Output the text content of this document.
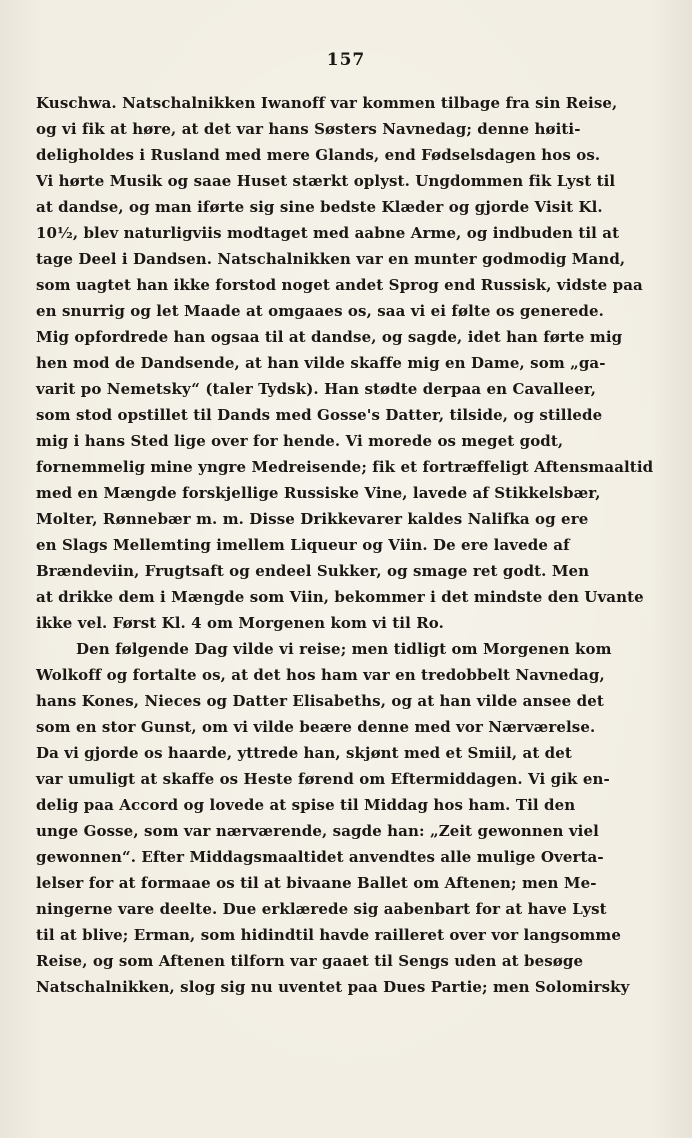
157
Kuschwa. Natschalnikken Iwanoff var kommen tilbage fra sin Reise,
og vi fik at høre, at det var hans Søsters Navnedag; denne høiti-
deligholdes i Rusland med mere Glands, end Fødselsdagen hos os.
Vi hørte Musik og saae Huset stærkt oplyst. Ungdommen fik Lyst til
at dandse, og man iførte sig sine bedste Klæder og gjorde Visit Kl.
10½, blev naturligviis modtaget med aabne Arme, og indbuden til at
tage Deel i Dandsen. Natschalnikken var en munter godmodig Mand,
som uagtet han ikke forstod noget andet Sprog end Russisk, vidste paa
en snurrig og let Maade at omgaaes os, saa vi ei følte os generede.
Mig opfordrede han ogsaa til at dandse, og sagde, idet han førte mig
hen mod de Dandsende, at han vilde skaffe mig en Dame, som „ga-
varit po Nemetsky“ (taler Tydsk). Han stødte derpaa en Cavalleer,
som stod opstillet til Dands med Gosse's Datter, tilside, og stillede
mig i hans Sted lige over for hende. Vi morede os meget godt,
fornemmelig mine yngre Medreisende; fik et fortræffeligt Aftensmaaltid
med en Mængde forskjellige Russiske Vine, lavede af Stikkelsbær,
Molter, Rønnebær m. m. Disse Drikkevarer kaldes Nalifka og ere
en Slags Mellemting imellem Liqueur og Viin. De ere lavede af
Brændeviin, Frugtsaft og endeel Sukker, og smage ret godt. Men
at drikke dem i Mængde som Viin, bekommer i det mindste den Uvante
ikke vel. Først Kl. 4 om Morgenen kom vi til Ro.
Den følgende Dag vilde vi reise; men tidligt om Morgenen kom
Wolkoff og fortalte os, at det hos ham var en tredobbelt Navnedag,
hans Kones, Nieces og Datter Elisabeths, og at han vilde ansee det
som en stor Gunst, om vi vilde beære denne med vor Nærværelse.
Da vi gjorde os haarde, yttrede han, skjønt med et Smiil, at det
var umuligt at skaffe os Heste førend om Eftermiddagen. Vi gik en-
delig paa Accord og lovede at spise til Middag hos ham. Til den
unge Gosse, som var nærværende, sagde han: „Zeit gewonnen viel
gewonnen“. Efter Middagsmaaltidet anvendtes alle mulige Overta-
lelser for at formaae os til at bivaane Ballet om Aftenen; men Me-
ningerne vare deelte. Due erklærede sig aabenbart for at have Lyst
til at blive; Erman, som hidindtil havde railleret over vor langsomme
Reise, og som Aftenen tilforn var gaaet til Sengs uden at besøge
Natschalnikken, slog sig nu uventet paa Dues Partie; men Solomirsky
